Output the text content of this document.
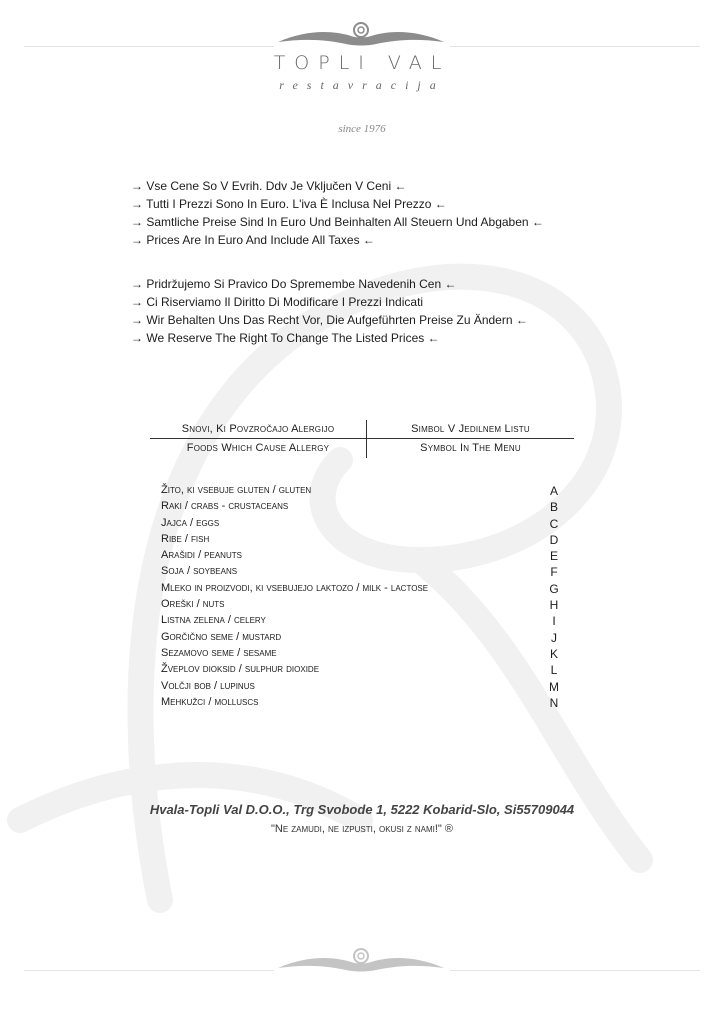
TOPLI VAL
restavracija
since 1976
→ Vse Cene So V Evrih. Ddv Je Vključen V Ceni ←
→ Tutti I Prezzi Sono In Euro. L'iva È Inclusa Nel Prezzo ←
→ Samtliche Preise Sind In Euro Und Beinhalten All Steuern Und Abgaben ←
→ Prices Are In Euro And Include All Taxes ←
→ Pridržujemo Si Pravico Do Spremembe Navedenih Cen ←
→ Ci Riserviamo Il Diritto Di Modificare I Prezzi Indicati
→ Wir Behalten Uns Das Recht Vor, Die Aufgeführten Preise Zu Ändern ←
→ We Reserve The Right To Change The Listed Prices ←
Snovi, Ki Povzročajo Alergijo	Simbol V Jedilnem Listu
Foods Which Cause Allergy	Symbol In The Menu
Žito, ki vsebuje gluten / gluten	A
Raki / crabs - crustaceans	B
Jajca / eggs	C
Ribe / fish	D
Arašidi / peanuts	E
Soja / soybeans	F
Mleko in proizvodi, ki vsebujejo laktozo / milk - lactose	G
Oreški / nuts	H
Listna zelena / celery	I
Gorčično seme / mustard	J
Sezamovo seme / sesame	K
Žveplov dioksid / sulphur dioxide	L
Volčji bob / lupinus	M
Mehkužci / molluscs	N
Hvala-Topli Val D.O.O., Trg Svobode 1, 5222 Kobarid-Slo, Si55709044
"Ne zamudi, ne izpusti, okusi z nami!" ®
